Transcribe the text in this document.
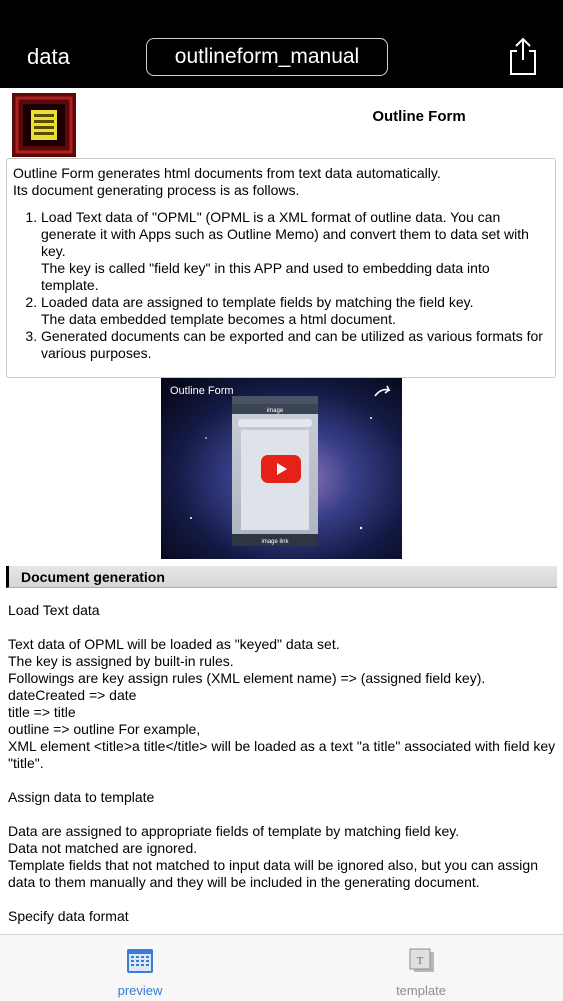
data	outlineform_manual
Outline Form

Outline Form generates html documents from text data automatically.

Its document generating process is as follows.

1. Load Text data of "OPML" (OPML is a XML format of outline data. You can generate it with Apps such as Outline Memo) and convert them to data set with key.
The key is called "field key" in this APP and used to embedding data into template.
2. Loaded data are assigned to template fields by matching the field key.
The data embedded template becomes a html document.
3. Generated documents can be exported and can be utilized as various formats for various purposes.
image
image link
Outline Form
Document generation

Load Text data

Text data of OPML will be loaded as "keyed" data set.
The key is assigned by built-in rules.
Followings are key assign rules (XML element name) => (assigned field key).
dateCreated => date
title => title
outline => outline For example,
XML element <title>a title</title> will be loaded as a text "a title" associated with field key "title".

Assign data to template

Data are assigned to appropriate fields of template by matching field key.
Data not matched are ignored.
Template fields that not matched to input data will be ignored also, but you can assign data to them manually and they will be included in the generating document.

Specify data format

preview
T
template
